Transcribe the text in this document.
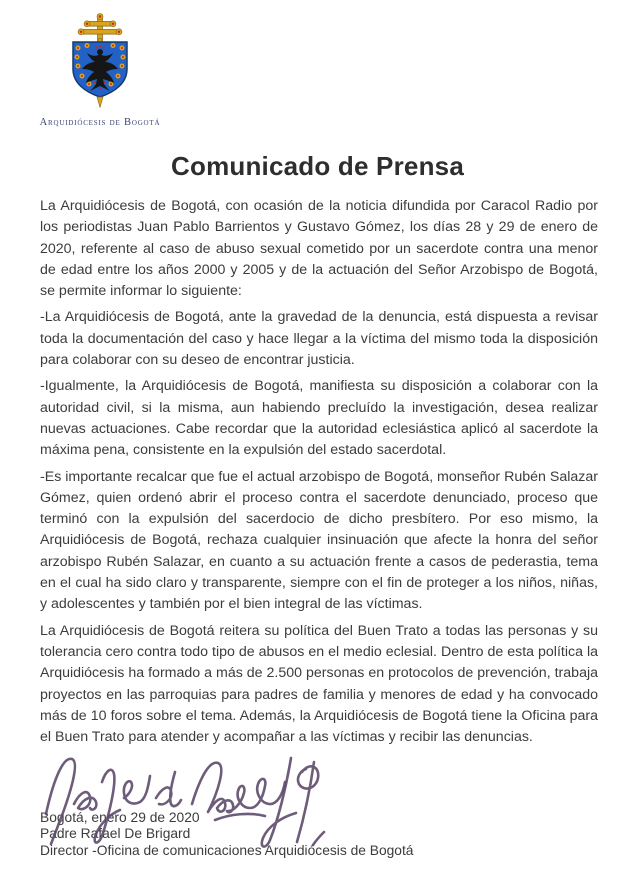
Arquidiócesis de Bogotá
Comunicado de Prensa

La Arquidiócesis de Bogotá, con ocasión de la noticia difundida por Caracol Radio por los periodistas Juan Pablo Barrientos y Gustavo Gómez, los días 28 y 29 de enero de 2020, referente al caso de abuso sexual cometido por un sacerdote contra una menor de edad entre los años 2000 y 2005 y de la actuación del Señor Arzobispo de Bogotá, se permite informar lo siguiente:

-La Arquidiócesis de Bogotá, ante la gravedad de la denuncia, está dispuesta a revisar toda la documentación del caso y hace llegar a la víctima del mismo toda la disposición para colaborar con su deseo de encontrar justicia.

-Igualmente, la Arquidiócesis de Bogotá, manifiesta su disposición a colaborar con la autoridad civil, si la misma, aun habiendo precluído la investigación, desea realizar nuevas actuaciones. Cabe recordar que la autoridad eclesiástica aplicó al sacerdote la máxima pena, consistente en la expulsión del estado sacerdotal.

-Es importante recalcar que fue el actual arzobispo de Bogotá, monseñor Rubén Salazar Gómez, quien ordenó abrir el proceso contra el sacerdote denunciado, proceso que terminó con la expulsión del sacerdocio de dicho presbítero. Por eso mismo, la Arquidiócesis de Bogotá, rechaza cualquier insinuación que afecte la honra del señor arzobispo Rubén Salazar, en cuanto a su actuación frente a casos de pederastia, tema en el cual ha sido claro y transparente, siempre con el fin de proteger a los niños, niñas, y adolescentes y también por el bien integral de las víctimas.

La Arquidiócesis de Bogotá reitera su política del Buen Trato a todas las personas y su tolerancia cero contra todo tipo de abusos en el medio eclesial. Dentro de esta política la Arquidiócesis ha formado a más de 2.500 personas en protocolos de prevención, trabaja proyectos en las parroquias para padres de familia y menores de edad y ha convocado más de 10 foros sobre el tema. Además, la Arquidiócesis de Bogotá tiene la Oficina para el Buen Trato para atender y acompañar a las víctimas y recibir las denuncias.

Bogotá, enero 29 de 2020
Padre Rafael De Brigard
Director -Oficina de comunicaciones Arquidiócesis de Bogotá
